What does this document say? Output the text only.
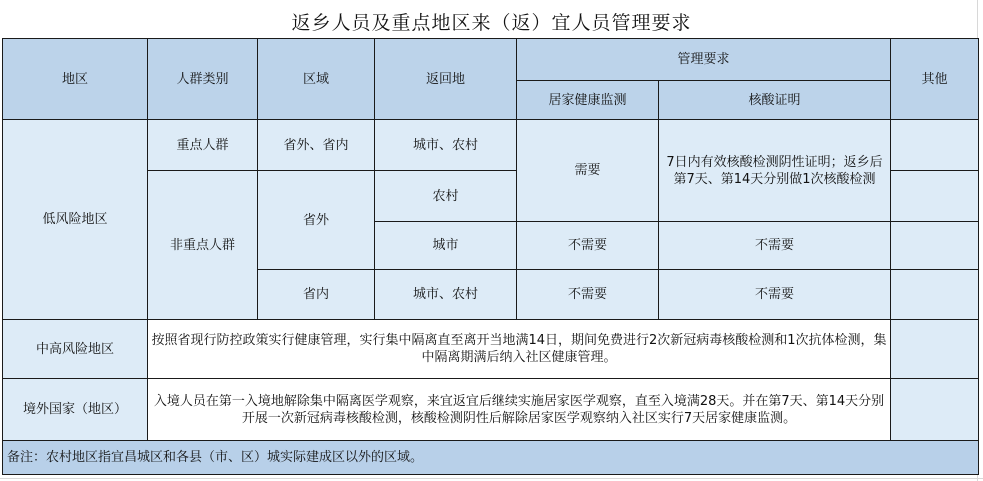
返乡人员及重点地区来（返）宜人员管理要求
地区	人群类别	区域	返回地	管理要求		其他
				居家健康监测	核酸证明	
低风险地区	重点人群	省外、省内	城市、农村	需要	7日内有效核酸检测阴性证明；返乡后第7天、第14天分别做1次核酸检测	
	非重点人群	省外	农村			
			城市	不需要	不需要	
		省内	城市、农村	不需要	不需要	
中高风险地区	按照省现行防控政策实行健康管理，实行集中隔离直至离开当地满14日，期间免费进行2次新冠病毒核酸检测和1次抗体检测，集中隔离期满后纳入社区健康管理。					
境外国家（地区）	入境人员在第一入境地解除集中隔离医学观察，来宜返宜后继续实施居家医学观察，直至入境满28天。并在第7天、第14天分别开展一次新冠病毒核酸检测，核酸检测阴性后解除居家医学观察纳入社区实行7天居家健康监测。					
备注：农村地区指宜昌城区和各县（市、区）城实际建成区以外的区域。						
